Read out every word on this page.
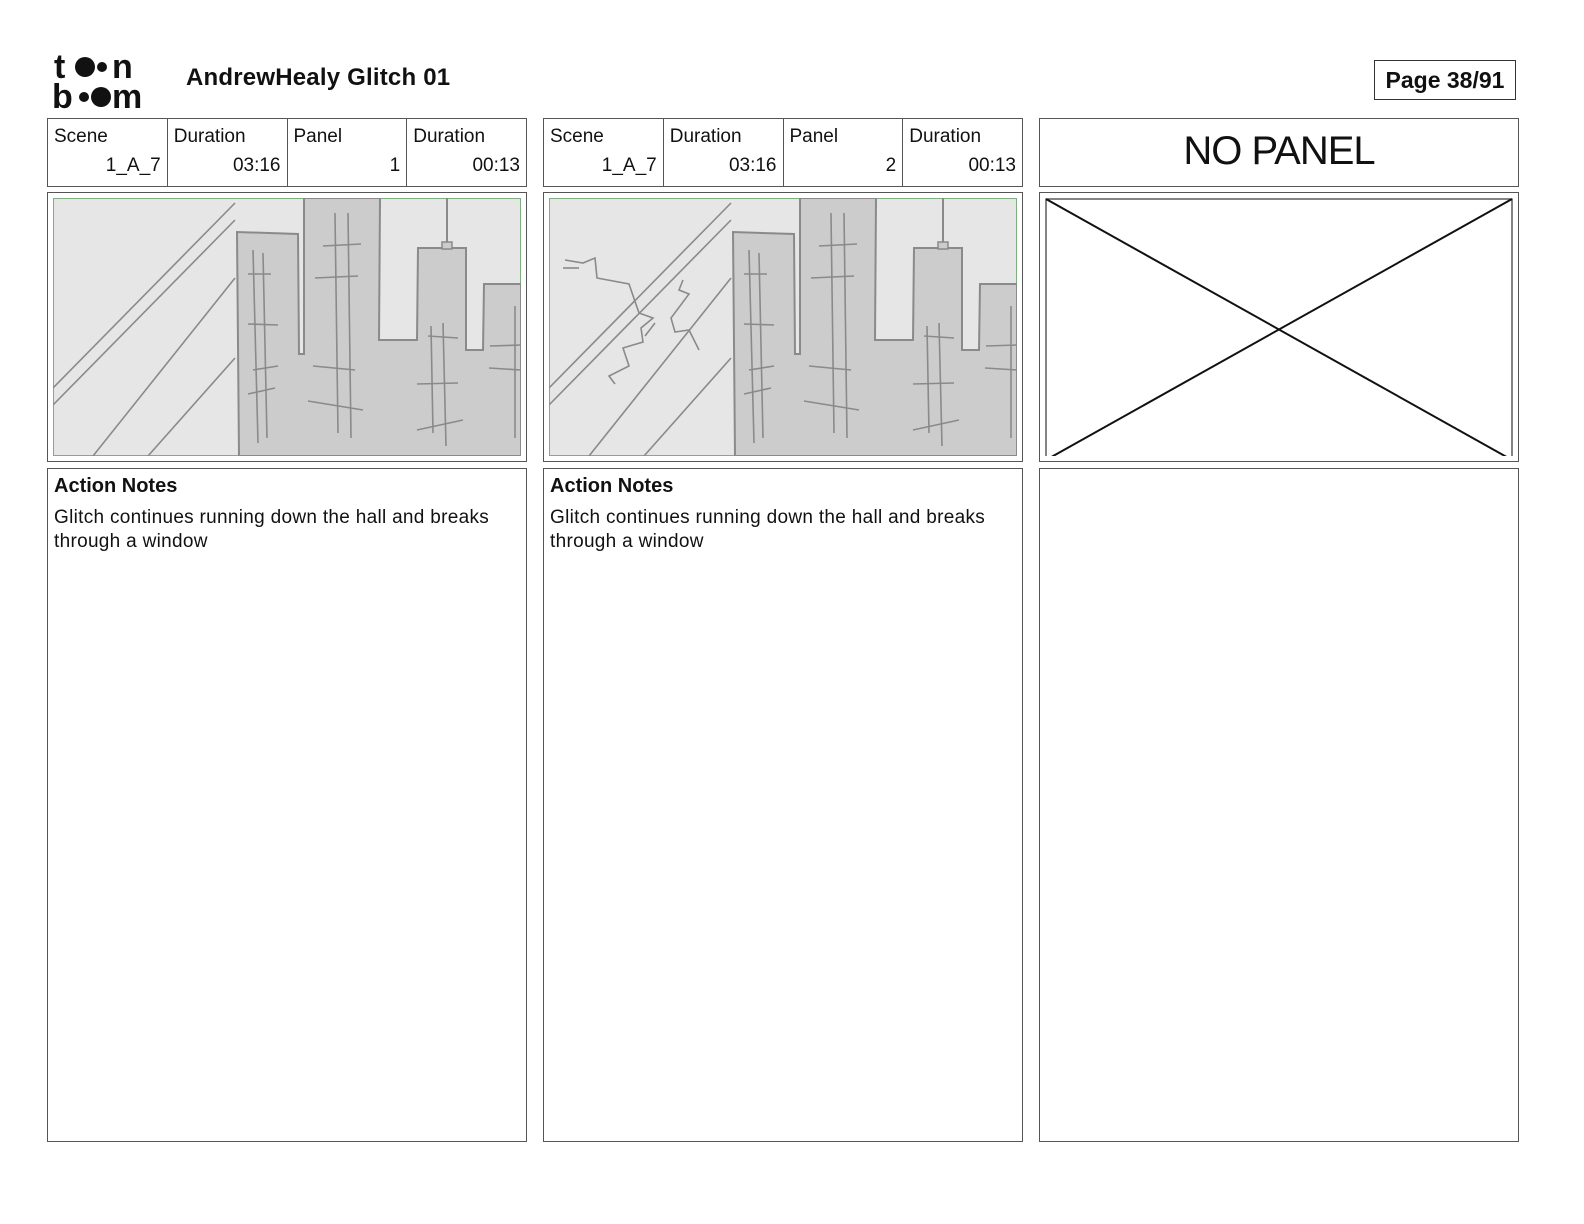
t n
b m
AndrewHealy Glitch 01	Page 38/91
Scene
1_A_7
Duration
03:16
Panel
1
Duration
00:13
Action Notes
Glitch continues running down the hall and breaks through a window
Scene
1_A_7
Duration
03:16
Panel
2
Duration
00:13
Action Notes
Glitch continues running down the hall and breaks through a window
NO PANEL
